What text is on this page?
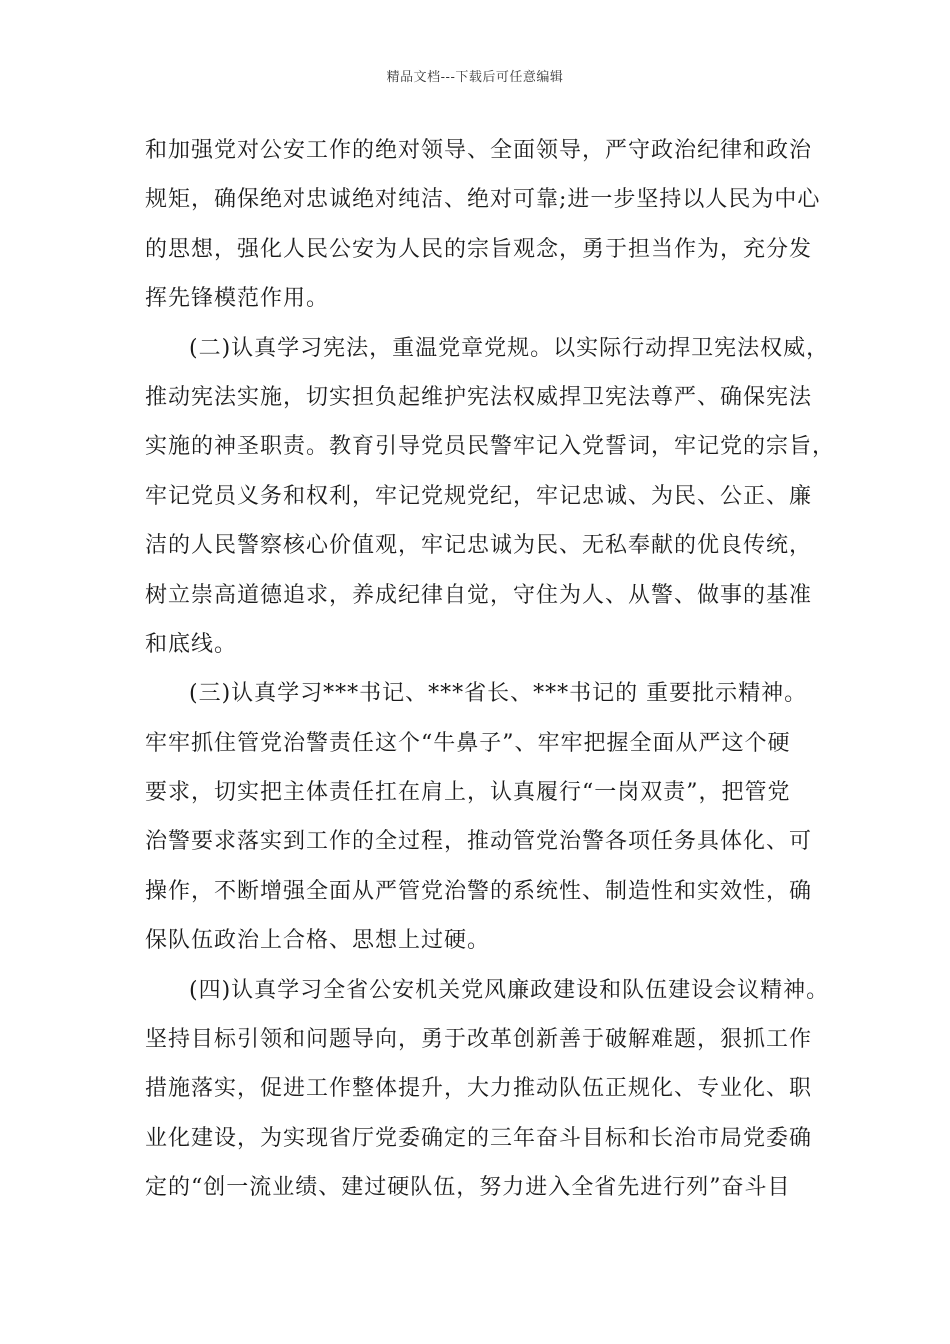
精品文档---下载后可任意编辑
和加强党对公安工作的绝对领导、全面领导，严守政治纪律和政治
规矩，确保绝对忠诚绝对纯洁、绝对可靠;进一步坚持以人民为中心
的思想，强化人民公安为人民的宗旨观念，勇于担当作为，充分发
挥先锋模范作用。
(二)认真学习宪法，重温党章党规。以实际行动捍卫宪法权威，
推动宪法实施，切实担负起维护宪法权威捍卫宪法尊严、确保宪法
实施的神圣职责。教育引导党员民警牢记入党誓词，牢记党的宗旨，
牢记党员义务和权利，牢记党规党纪，牢记忠诚、为民、公正、廉
洁的人民警察核心价值观，牢记忠诚为民、无私奉献的优良传统，
树立崇高道德追求，养成纪律自觉，守住为人、从警、做事的基准
和底线。
(三)认真学习***书记、***省长、***书记的 重要批示精神。
牢牢抓住管党治警责任这个“牛鼻子”、牢牢把握全面从严这个硬
要求，切实把主体责任扛在肩上，认真履行“一岗双责”，把管党
治警要求落实到工作的全过程，推动管党治警各项任务具体化、可
操作，不断增强全面从严管党治警的系统性、制造性和实效性，确
保队伍政治上合格、思想上过硬。
(四)认真学习全省公安机关党风廉政建设和队伍建设会议精神。
坚持目标引领和问题导向，勇于改革创新善于破解难题，狠抓工作
措施落实，促进工作整体提升，大力推动队伍正规化、专业化、职
业化建设，为实现省厅党委确定的三年奋斗目标和长治市局党委确
定的“创一流业绩、建过硬队伍，努力进入全省先进行列”奋斗目
